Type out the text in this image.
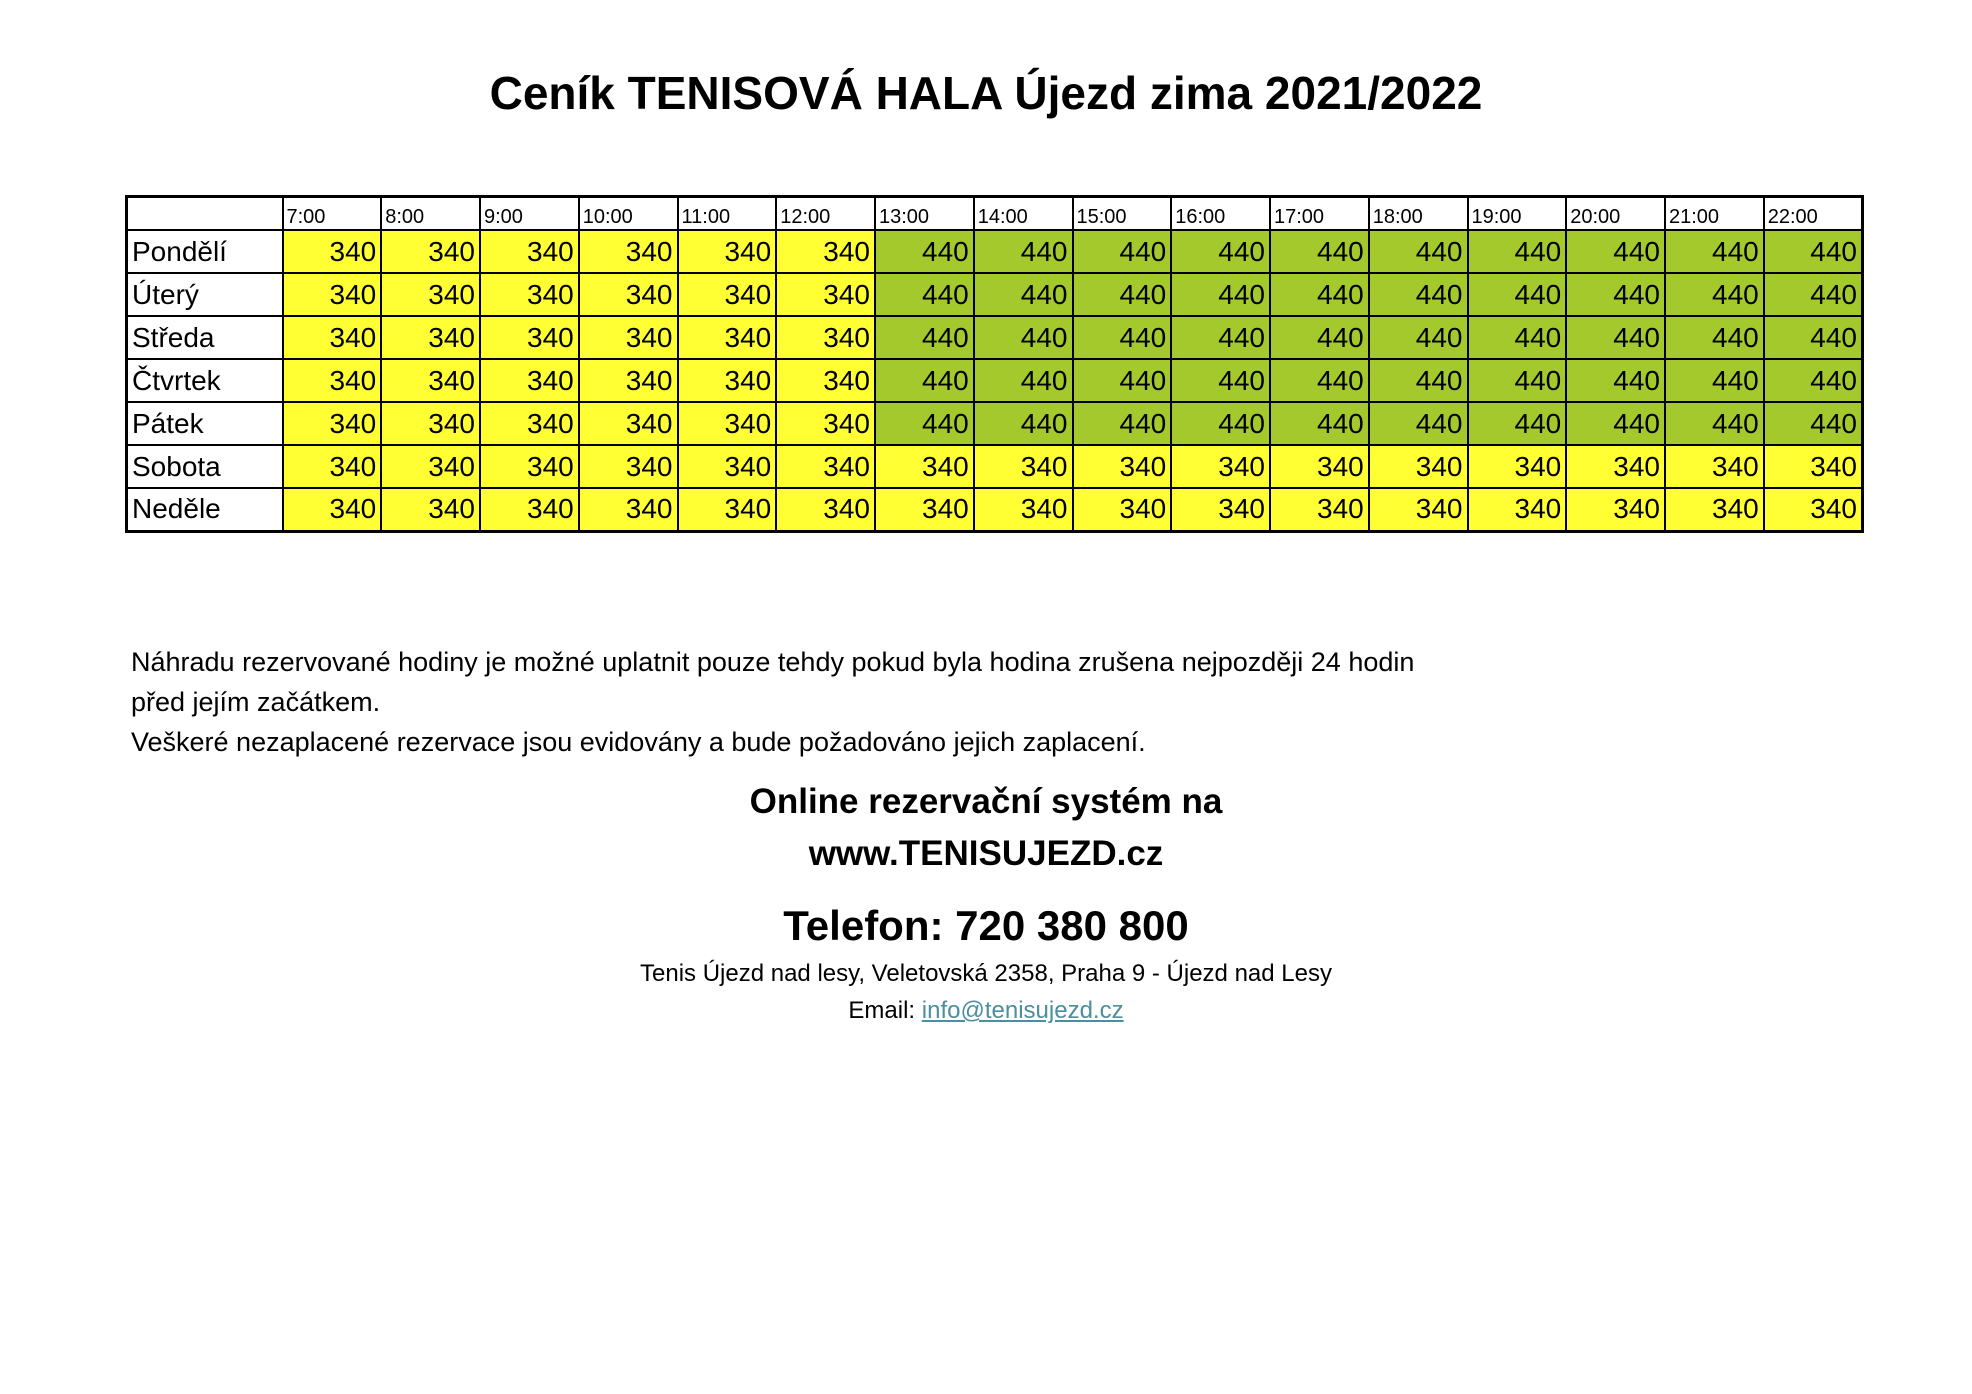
Ceník TENISOVÁ HALA Újezd zima 2021/2022
	7:00	8:00	9:00	10:00	11:00	12:00	13:00	14:00	15:00	16:00	17:00	18:00	19:00	20:00	21:00	22:00
Pondělí	340	340	340	340	340	340	440	440	440	440	440	440	440	440	440	440
Úterý	340	340	340	340	340	340	440	440	440	440	440	440	440	440	440	440
Středa	340	340	340	340	340	340	440	440	440	440	440	440	440	440	440	440
Čtvrtek	340	340	340	340	340	340	440	440	440	440	440	440	440	440	440	440
Pátek	340	340	340	340	340	340	440	440	440	440	440	440	440	440	440	440
Sobota	340	340	340	340	340	340	340	340	340	340	340	340	340	340	340	340
Neděle	340	340	340	340	340	340	340	340	340	340	340	340	340	340	340	340

Náhradu rezervované hodiny je možné uplatnit pouze tehdy pokud byla hodina zrušena nejpozději 24 hodin

před jejím začátkem.

Veškeré nezaplacené rezervace jsou evidovány a bude požadováno jejich zaplacení.

Online rezervační systém na
www.TENISUJEZD.cz
Telefon: 720 380 800
Tenis Újezd nad lesy, Veletovská 2358, Praha 9 - Újezd nad Lesy
Email: info@tenisujezd.cz
